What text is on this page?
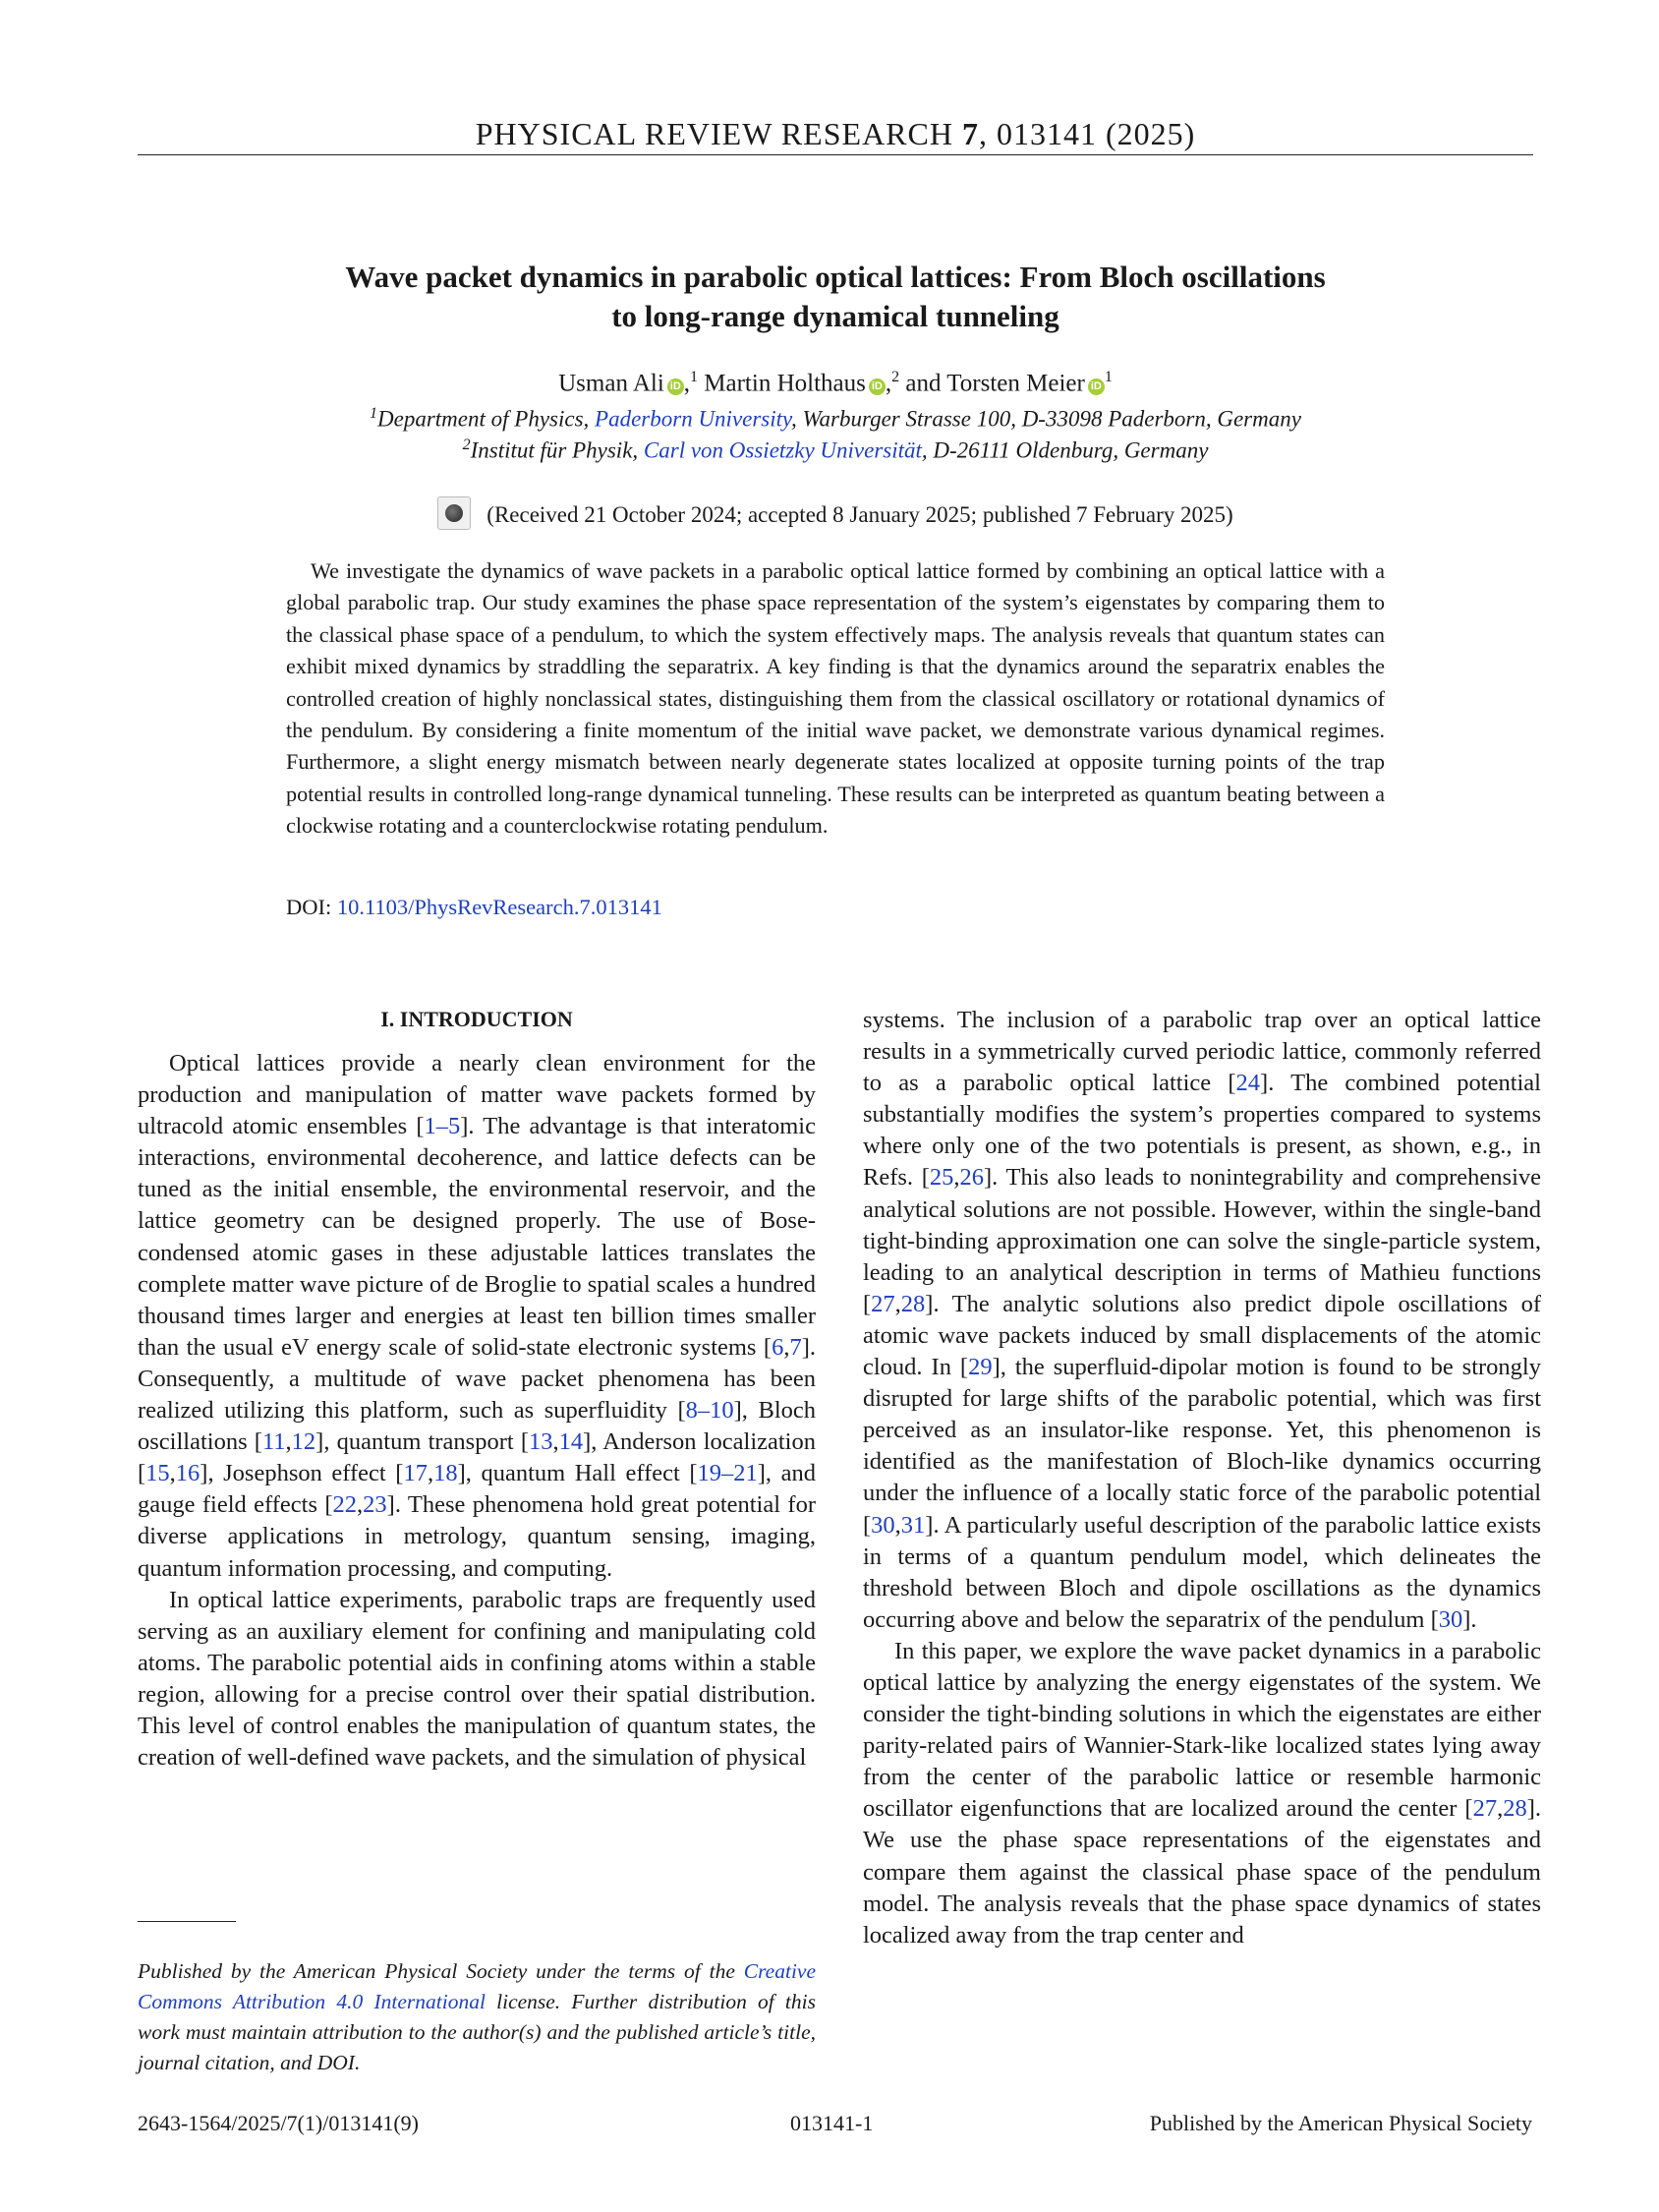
PHYSICAL REVIEW RESEARCH 7, 013141 (2025)
Wave packet dynamics in parabolic optical lattices: From Bloch oscillations
to long-range dynamical tunneling
Usman Ali iD ,$^1$ Martin Holthaus iD ,$^2$ and Torsten Meier $iD^1$
$^1$Department of Physics, Paderborn University, Warburger Strasse 100, D-33098 Paderborn, Germany
$^2$Institut für Physik, Carl von Ossietzky Universität, D-26111 Oldenburg, Germany
(Received 21 October 2024; accepted 8 January 2025; published 7 February 2025)
We investigate the dynamics of wave packets in a parabolic optical lattice formed by combining an optical lattice with a global parabolic trap. Our study examines the phase space representation of the system’s eigenstates by comparing them to the classical phase space of a pendulum, to which the system effectively maps. The analysis reveals that quantum states can exhibit mixed dynamics by straddling the separatrix. A key finding is that the dynamics around the separatrix enables the controlled creation of highly nonclassical states, distinguishing them from the classical oscillatory or rotational dynamics of the pendulum. By considering a finite momentum of the initial wave packet, we demonstrate various dynamical regimes. Furthermore, a slight energy mismatch between nearly degenerate states localized at opposite turning points of the trap potential results in controlled long-range dynamical tunneling. These results can be interpreted as quantum beating between a clockwise rotating and a counterclockwise rotating pendulum.
DOI: 10.1103/PhysRevResearch.7.013141
I. INTRODUCTION

Optical lattices provide a nearly clean environment for the production and manipulation of matter wave packets formed by ultracold atomic ensembles [1–5]. The advantage is that interatomic interactions, environmental decoherence, and lattice defects can be tuned as the initial ensemble, the environmental reservoir, and the lattice geometry can be designed properly. The use of Bose-condensed atomic gases in these adjustable lattices translates the complete matter wave picture of de Broglie to spatial scales a hundred thousand times larger and energies at least ten billion times smaller than the usual eV energy scale of solid-state electronic systems [6,7]. Consequently, a multitude of wave packet phenomena has been realized utilizing this platform, such as superfluidity [8–10], Bloch oscillations [11,12], quantum transport [13,14], Anderson localization [15,16], Josephson effect [17,18], quantum Hall effect [19–21], and gauge field effects [22,23]. These phenomena hold great potential for diverse applications in metrology, quantum sensing, imaging, quantum information processing, and computing.

In optical lattice experiments, parabolic traps are frequently used serving as an auxiliary element for confining and manipulating cold atoms. The parabolic potential aids in confining atoms within a stable region, allowing for a precise control over their spatial distribution. This level of control enables the manipulation of quantum states, the creation of well-defined wave packets, and the simulation of physical

systems. The inclusion of a parabolic trap over an optical lattice results in a symmetrically curved periodic lattice, commonly referred to as a parabolic optical lattice [24]. The combined potential substantially modifies the system’s properties compared to systems where only one of the two potentials is present, as shown, e.g., in Refs. [25,26]. This also leads to nonintegrability and comprehensive analytical solutions are not possible. However, within the single-band tight-binding approximation one can solve the single-particle system, leading to an analytical description in terms of Mathieu functions [27,28]. The analytic solutions also predict dipole oscillations of atomic wave packets induced by small displacements of the atomic cloud. In [29], the superfluid-dipolar motion is found to be strongly disrupted for large shifts of the parabolic potential, which was first perceived as an insulator-like response. Yet, this phenomenon is identified as the manifestation of Bloch-like dynamics occurring under the influence of a locally static force of the parabolic potential [30,31]. A particularly useful description of the parabolic lattice exists in terms of a quantum pendulum model, which delineates the threshold between Bloch and dipole oscillations as the dynamics occurring above and below the separatrix of the pendulum [30].

In this paper, we explore the wave packet dynamics in a parabolic optical lattice by analyzing the energy eigenstates of the system. We consider the tight-binding solutions in which the eigenstates are either parity-related pairs of Wannier-Stark-like localized states lying away from the center of the parabolic lattice or resemble harmonic oscillator eigenfunctions that are localized around the center [27,28]. We use the phase space representations of the eigenstates and compare them against the classical phase space of the pendulum model. The analysis reveals that the phase space dynamics of states localized away from the trap center and

Published by the American Physical Society under the terms of the Creative Commons Attribution 4.0 International license. Further distribution of this work must maintain attribution to the author(s) and the published article’s title, journal citation, and DOI.
2643-1564/2025/7(1)/013141(9)	013141-1	Published by the American Physical Society
